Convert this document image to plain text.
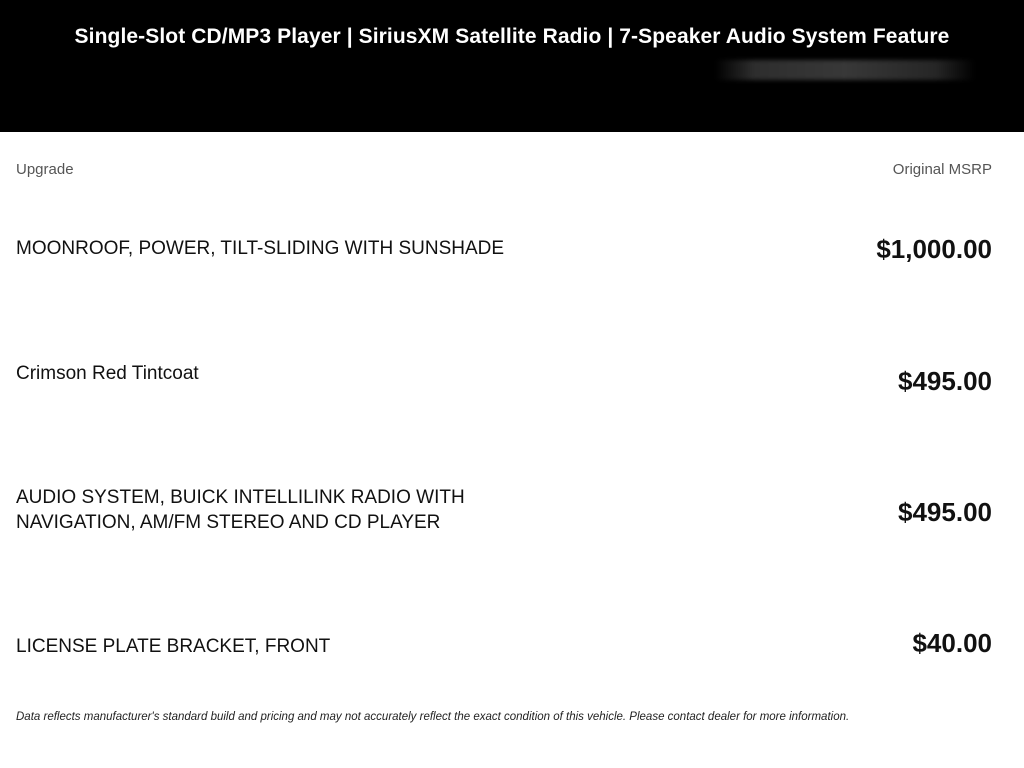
Single-Slot CD/MP3 Player | SiriusXM Satellite Radio | 7-Speaker Audio System Feature
Upgrade	Original MSRP
MOONROOF, POWER, TILT-SLIDING WITH SUNSHADE	$1,000.00
Crimson Red Tintcoat	$495.00
AUDIO SYSTEM, BUICK INTELLILINK RADIO WITH NAVIGATION, AM/FM STEREO AND CD PLAYER	$495.00
LICENSE PLATE BRACKET, FRONT	$40.00
Data reflects manufacturer's standard build and pricing and may not accurately reflect the exact condition of this vehicle. Please contact dealer for more information.
